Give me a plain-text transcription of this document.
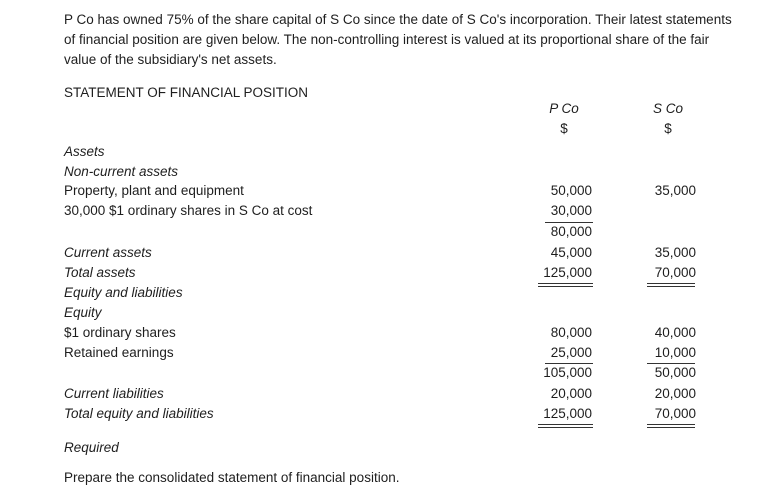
P Co has owned 75% of the share capital of S Co since the date of S Co's incorporation. Their latest statements of financial position are given below. The non-controlling interest is valued at its proportional share of the fair value of the subsidiary's net assets.
STATEMENT OF FINANCIAL POSITION
P Co	S Co
$	$
Assets
Non-current assets
Property, plant and equipment
30,000 $1 ordinary shares in S Co at cost
Current assets
Total assets
Equity and liabilities
Equity
$1 ordinary shares
Retained earnings
Current liabilities
Total equity and liabilities
Required
Prepare the consolidated statement of financial position.
50,000
30,000
80,000
45,000
125,000
80,000
25,000
105,000
20,000
125,000
35,000
35,000
70,000
40,000
10,000
50,000
20,000
70,000
